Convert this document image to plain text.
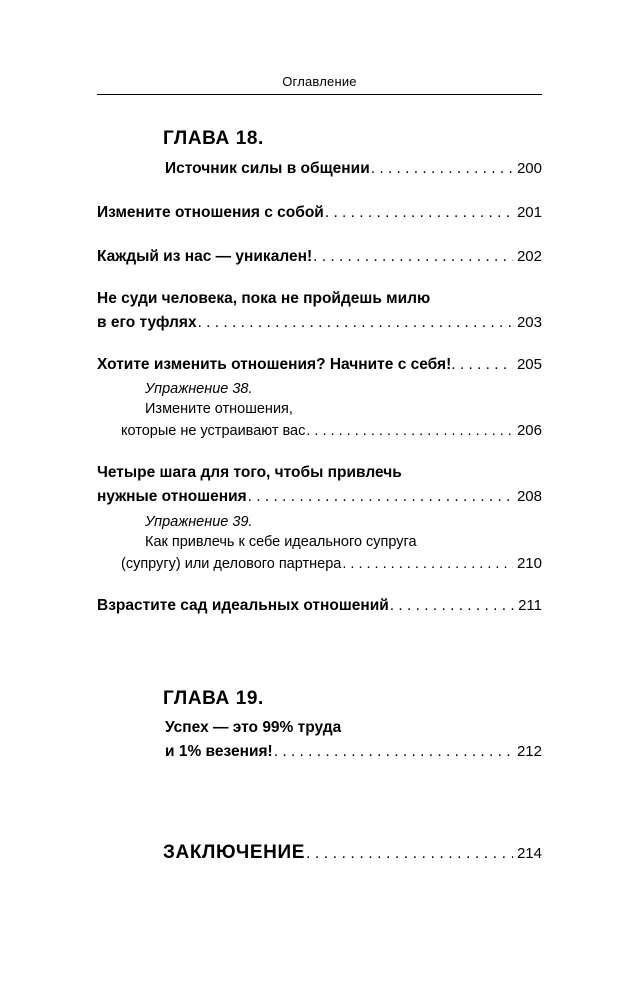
Оглавление
ГЛАВА 18.
Источник силы в общении . . .	200
Измените отношения с собой . . .	201
Каждый из нас — уникален! . . .	202
Не суди человека, пока не пройдешь милю
в его туфлях . . .	203
Хотите изменить отношения? Начните с себя! . . .	205
Упражнение 38.
Измените отношения,
которые не устраивают вас . . .	206
Четыре шага для того, чтобы привлечь
нужные отношения . . .	208
Упражнение 39.
Как привлечь к себе идеального супруга
(супругу) или делового партнера . . .	210
Взрастите сад идеальных отношений . . .	211
ГЛАВА 19.
Успех — это 99% труда
и 1% везения! . . .	212
ЗАКЛЮЧЕНИЕ . . .	214
